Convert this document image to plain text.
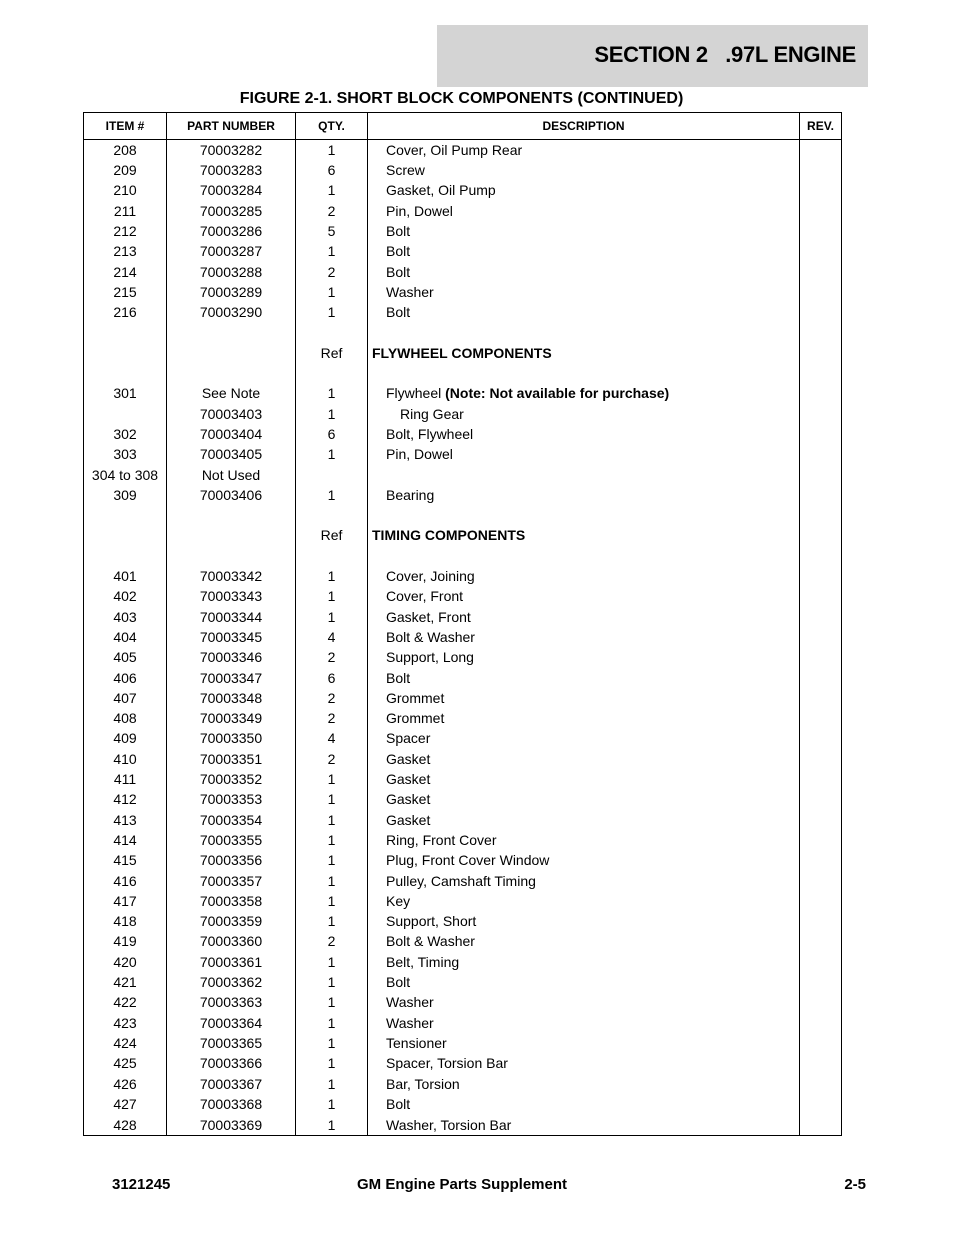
SECTION 2   .97L ENGINE
FIGURE 2-1. SHORT BLOCK COMPONENTS (CONTINUED)
ITEM #	PART NUMBER	QTY.	DESCRIPTION	REV.
208	70003282	1	Cover, Oil Pump Rear	
209	70003283	6	Screw	
210	70003284	1	Gasket, Oil Pump	
211	70003285	2	Pin, Dowel	
212	70003286	5	Bolt	
213	70003287	1	Bolt	
214	70003288	2	Bolt	
215	70003289	1	Washer	
216	70003290	1	Bolt	

		Ref	FLYWHEEL COMPONENTS	

301	See Note	1	Flywheel (Note: Not available for purchase)	
	70003403	1	Ring Gear	
302	70003404	6	Bolt, Flywheel	
303	70003405	1	Pin, Dowel	
304 to 308	Not Used			
309	70003406	1	Bearing	

		Ref	TIMING COMPONENTS	

401	70003342	1	Cover, Joining	
402	70003343	1	Cover, Front	
403	70003344	1	Gasket, Front	
404	70003345	4	Bolt & Washer	
405	70003346	2	Support, Long	
406	70003347	6	Bolt	
407	70003348	2	Grommet	
408	70003349	2	Grommet	
409	70003350	4	Spacer	
410	70003351	2	Gasket	
411	70003352	1	Gasket	
412	70003353	1	Gasket	
413	70003354	1	Gasket	
414	70003355	1	Ring, Front Cover	
415	70003356	1	Plug, Front Cover Window	
416	70003357	1	Pulley, Camshaft Timing	
417	70003358	1	Key	
418	70003359	1	Support, Short	
419	70003360	2	Bolt & Washer	
420	70003361	1	Belt, Timing	
421	70003362	1	Bolt	
422	70003363	1	Washer	
423	70003364	1	Washer	
424	70003365	1	Tensioner	
425	70003366	1	Spacer, Torsion Bar	
426	70003367	1	Bar, Torsion	
427	70003368	1	Bolt	
428	70003369	1	Washer, Torsion Bar	
3121245	GM Engine Parts Supplement	2-5
